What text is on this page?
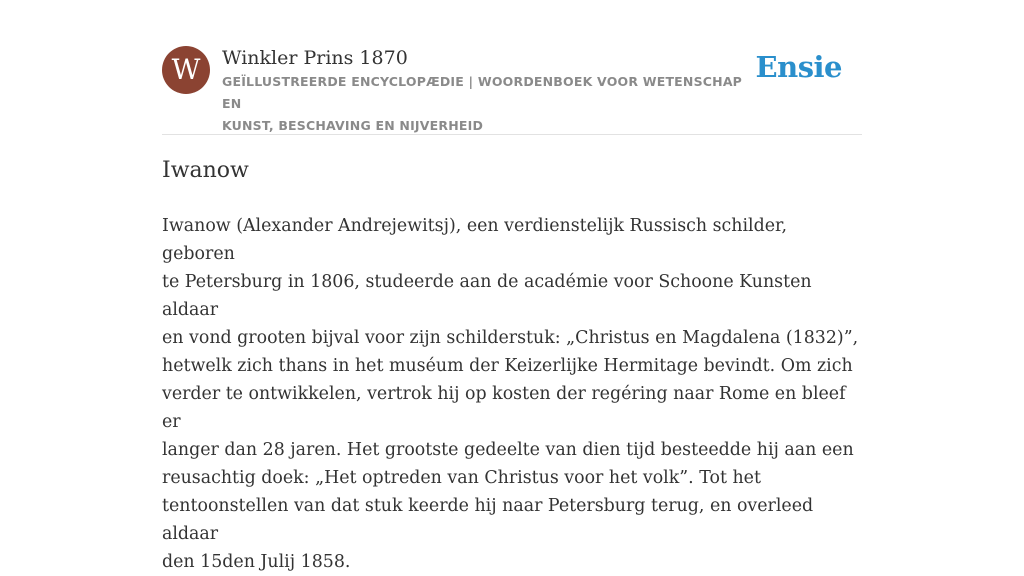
W	Winkler Prins 1870

GEÏLLUSTREERDE ENCYCLOPÆDIE | WOORDENBOEK VOOR WETENSCHAP EN
KUNST, BESCHAVING EN NIJVERHEID
Ensie
Iwanow
Iwanow (Alexander Andrejewitsj), een verdienstelijk Russisch schilder, geboren
te Petersburg in 1806, studeerde aan de académie voor Schoone Kunsten aldaar
en vond grooten bijval voor zijn schilderstuk: „Christus en Magdalena (1832)”,
hetwelk zich thans in het muséum der Keizerlijke Hermitage bevindt. Om zich
verder te ontwikkelen, vertrok hij op kosten der regéring naar Rome en bleef er
langer dan 28 jaren. Het grootste gedeelte van dien tijd besteedde hij aan een
reusachtig doek: „Het optreden van Christus voor het volk”. Tot het
tentoonstellen van dat stuk keerde hij naar Petersburg terug, en overleed aldaar
den 15den Julij 1858.
